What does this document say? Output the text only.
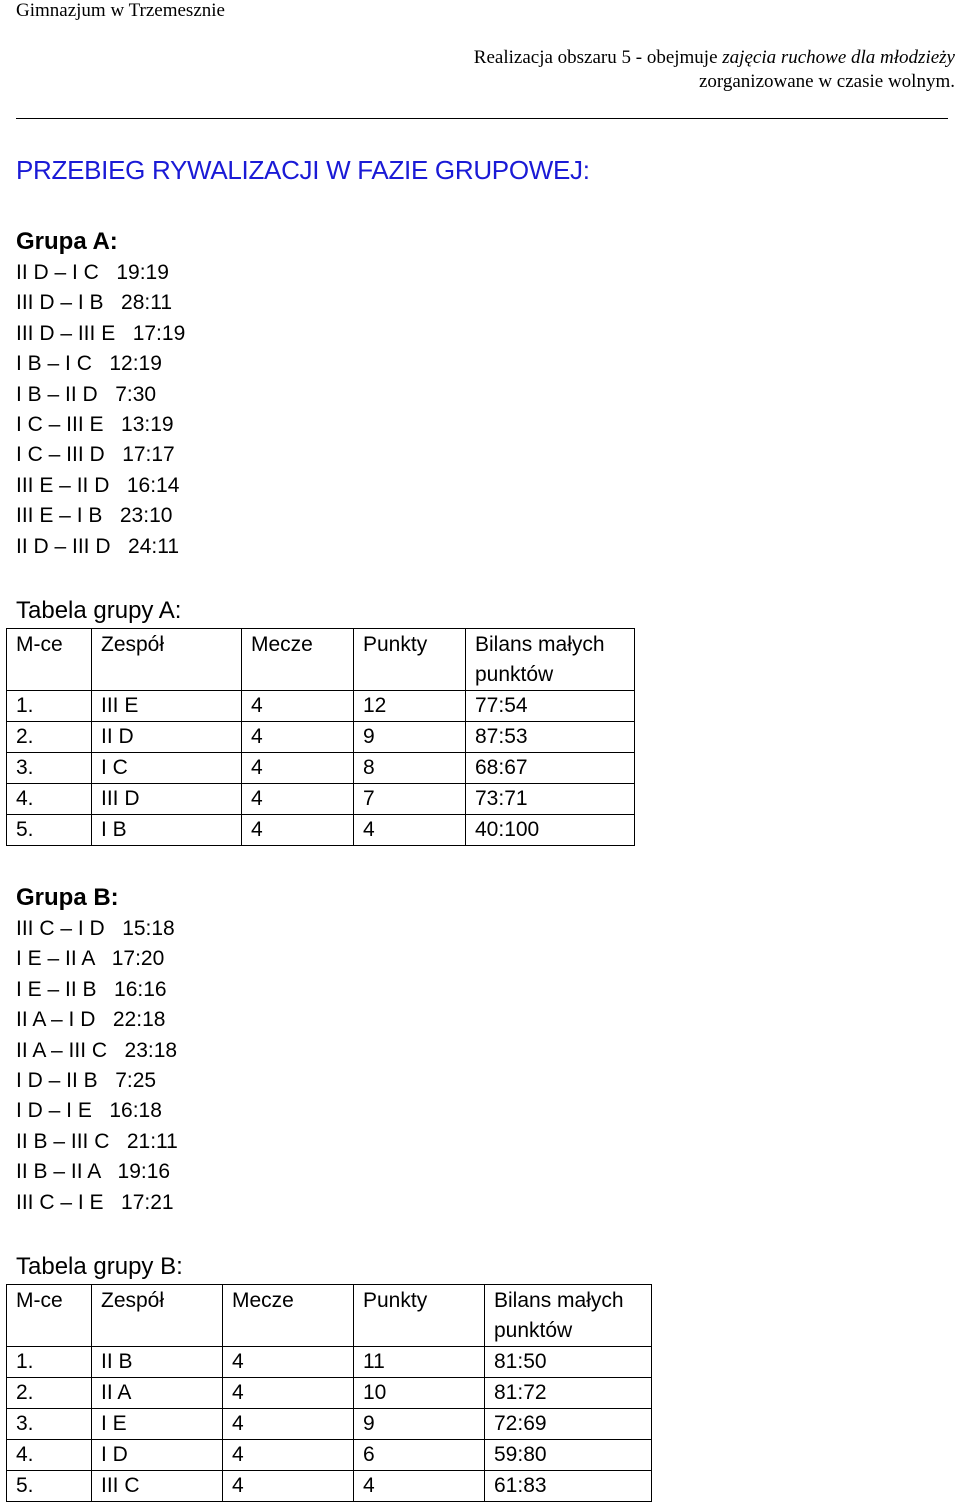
Gimnazjum w Trzemesznie
Realizacja obszaru 5 - obejmuje zajęcia ruchowe dla młodzieży
zorganizowane w czasie wolnym.
PRZEBIEG RYWALIZACJI W FAZIE GRUPOWEJ:
Grupa A:
II D – I C   19:19
III D – I B   28:11
III D – III E   17:19
I B – I C   12:19
I B – II D   7:30
I C – III E   13:19
I C – III D   17:17
III E – II D   16:14
III E – I B   23:10
II D – III D   24:11
Tabela grupy A:
M-ce	Zespół	Mecze	Punkty	Bilans małych punktów
1.	III E	4	12	77:54
2.	II D	4	9	87:53
3.	I C	4	8	68:67
4.	III D	4	7	73:71
5.	I B	4	4	40:100
Grupa B:
III C – I D   15:18
I E – II A   17:20
I E – II B   16:16
II A – I D   22:18
II A – III C   23:18
I D – II B   7:25
I D – I E   16:18
II B – III C   21:11
II B – II A   19:16
III C – I E   17:21
Tabela grupy B:
M-ce	Zespół	Mecze	Punkty	Bilans małych punktów
1.	II B	4	11	81:50
2.	II A	4	10	81:72
3.	I E	4	9	72:69
4.	I D	4	6	59:80
5.	III C	4	4	61:83
